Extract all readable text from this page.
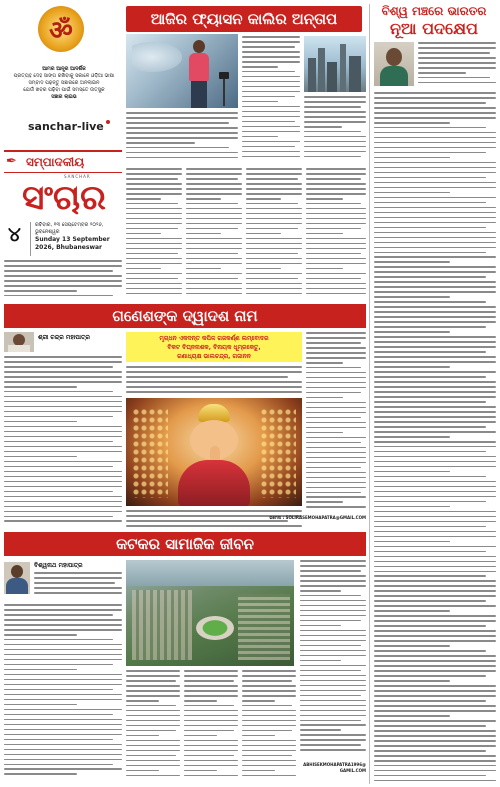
ॐ
ଆମର ଆନ୍ଧ୍ର ଆଦର୍ଶିକ
ପ୍ରତ୍ୟହ ଦେହ ସାଙ୍ଗ ରଖିବାକୁ ସକାଳେ ଓଡ଼ିଆ ଭାଷା
ସମ୍ବାଦ ପଢ଼ନ୍ତୁ ସଞ୍ଚାରରେ ଅନଲାଇନ
ଯେଉଁ ଖବର ପଢ଼ିବା ପାଇଁ ସମସ୍ତେ ଉତ୍ସୁକ
ସଞ୍ଚାର ଲାଇଭ
sanchar-live
✒ ସମ୍ପାଦକୀୟ
SANCHAR
ସଂଚାର
୪	ରବିବାର, ୧୩ ସେପ୍ଟେମ୍ବର ୨୦୨୬, ଭୁବନେଶ୍ୱର
Sunday 13 September
2026, Bhubaneswar
ଆଜିର ଫ୍ୟାସନ କାଲିର ଅନ୍ତାପ	ବିଶ୍ୱ ମଞ୍ଚରେ ଭାରତର
ନୂଆ ପଦକ୍ଷେପ
ଗଣେଶଙ୍କ ଦ୍ୱାଦଶ ନାମ
ଶ୍ରୀ ଚନ୍ଦ୍ର ମହାପାତ୍ର	ମୃଗ୍ଧନ ଏକଦନ୍ତ କପିଳ ଗଜକର୍ଣ୍ଣ ଲମ୍ବୋଦର
ବିକଟ ବିଘ୍ନନାଶକ, ବିନାୟକ ଧୂମ୍ରକେତୁ,
ଗଣାଧ୍ୟକ୍ଷ ଭାଲଚନ୍ଦ୍ର, ଗଜାନନ
ଇମେଲ : SOLIRASEMOHAPATRA@GMAIL.COM
କଟକର ସାମାଜିକ ଜୀବନ
ବିଶ୍ୱନାଥ ମହାପାତ୍ର
ABHISEKMOHAPATRA1996@
GAMIL.COM
